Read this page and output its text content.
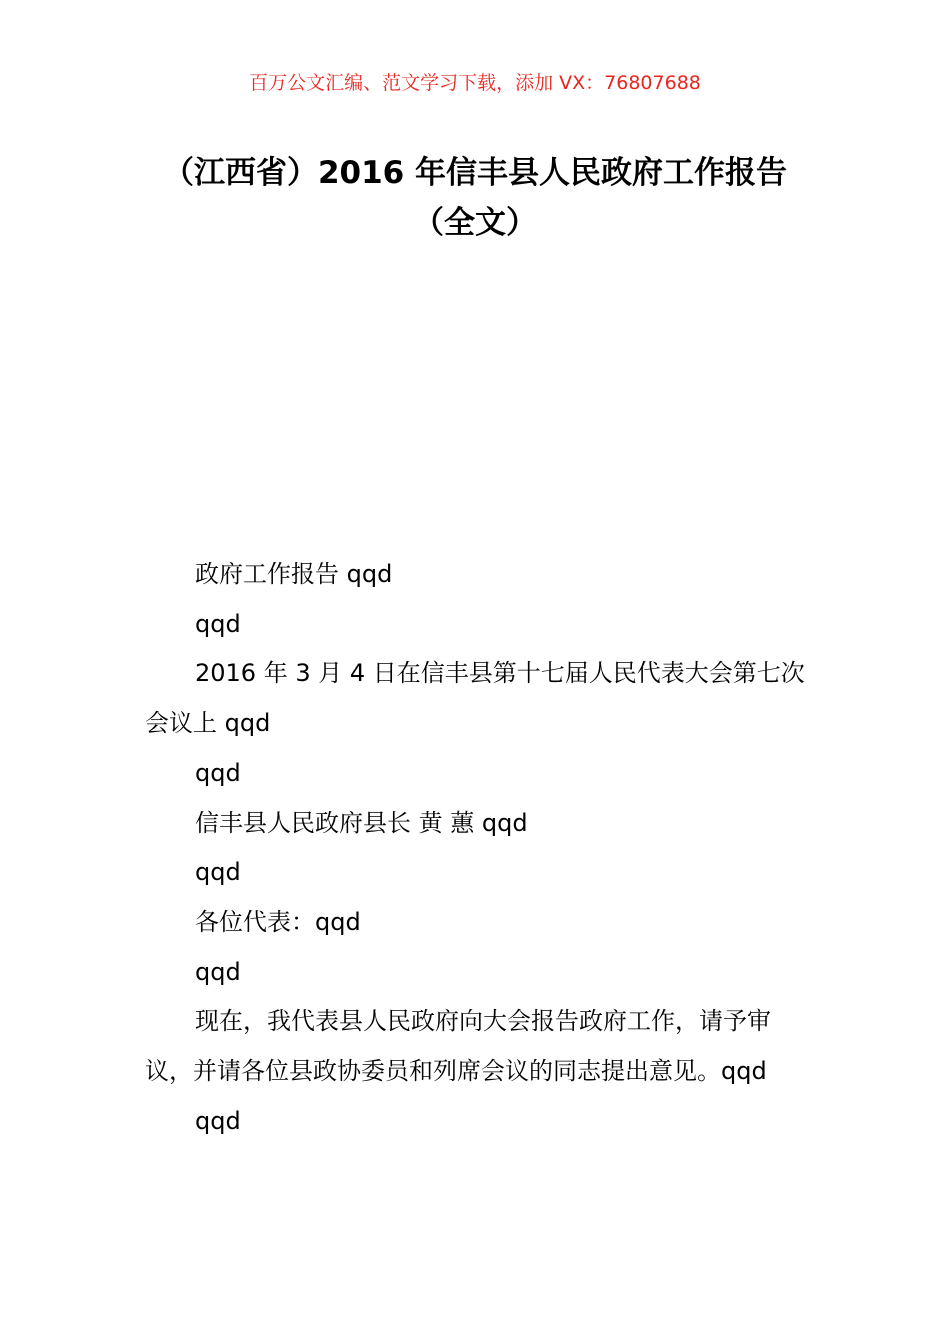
百万公文汇编、范文学习下载，添加 VX：76807688
（江西省）2016 年信丰县人民政府工作报告（全文）

政府工作报告 qqd

qqd

2016 年 3 月 4 日在信丰县第十七届人民代表大会第七次会议上 qqd

qqd

信丰县人民政府县长 黄 蕙 qqd

qqd

各位代表：qqd

qqd

现在，我代表县人民政府向大会报告政府工作，请予审议，并请各位县政协委员和列席会议的同志提出意见。qqd

qqd
